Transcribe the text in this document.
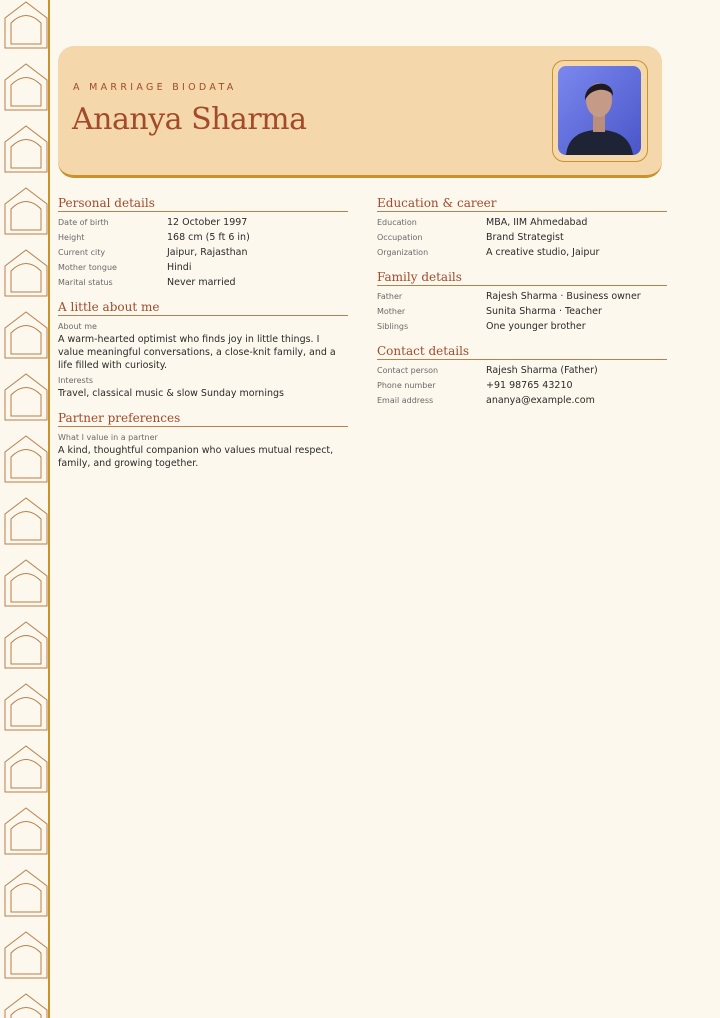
A MARRIAGE BIODATA
Ananya Sharma
Personal details
Date of birth	12 October 1997
Height	168 cm (5 ft 6 in)
Current city	Jaipur, Rajasthan
Mother tongue	Hindi
Marital status	Never married
A little about me
About me
A warm-hearted optimist who finds joy in little things. I value meaningful conversations, a close-knit family, and a life filled with curiosity.
Interests
Travel, classical music & slow Sunday mornings
Partner preferences
What I value in a partner
A kind, thoughtful companion who values mutual respect, family, and growing together.
Education & career
Education	MBA, IIM Ahmedabad
Occupation	Brand Strategist
Organization	A creative studio, Jaipur
Family details
Father	Rajesh Sharma · Business owner
Mother	Sunita Sharma · Teacher
Siblings	One younger brother
Contact details
Contact person	Rajesh Sharma (Father)
Phone number	+91 98765 43210
Email address	ananya@example.com
